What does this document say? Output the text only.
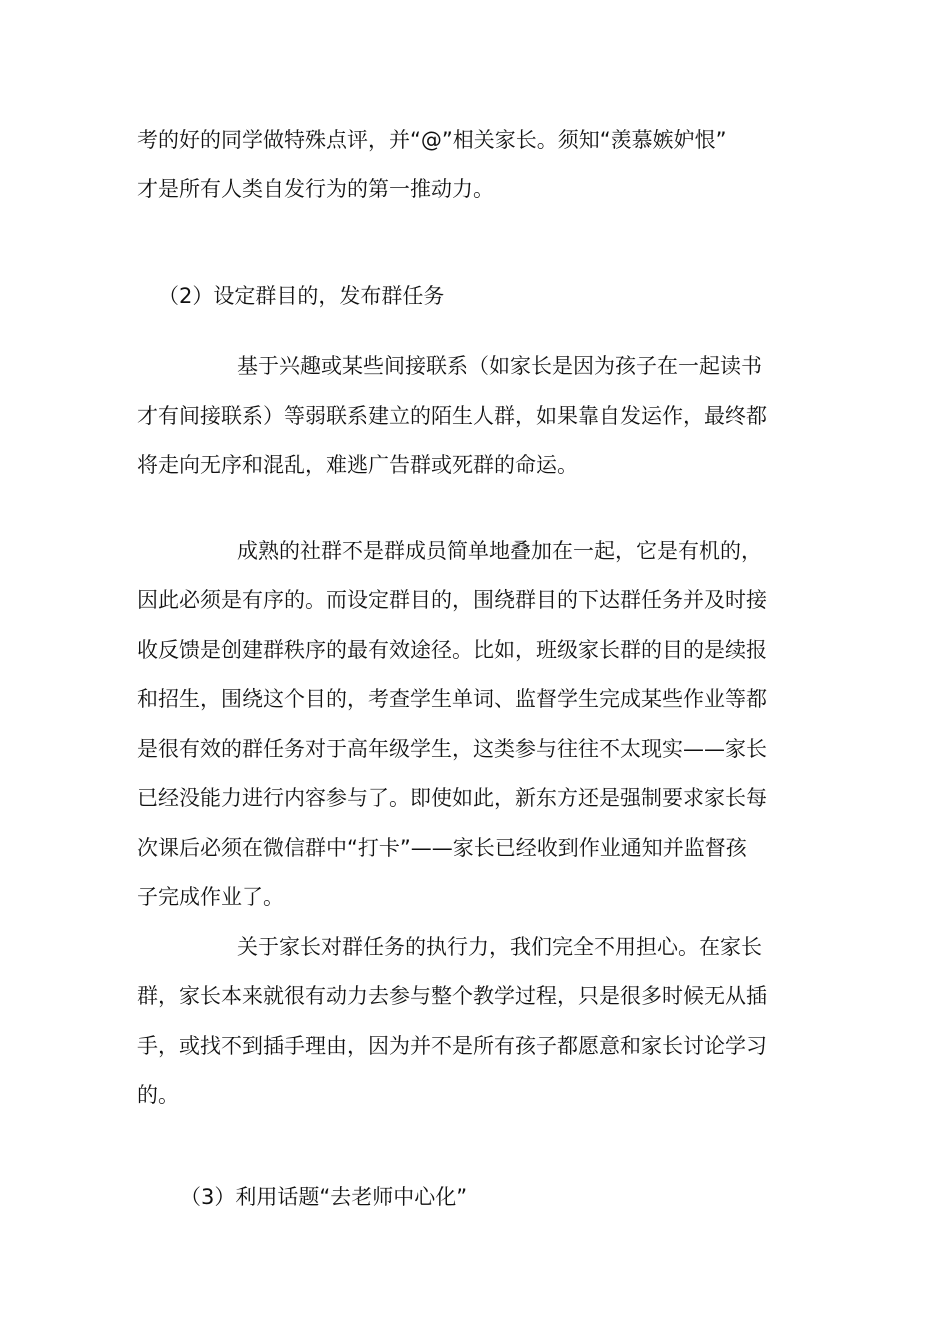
考的好的同学做特殊点评，并“@”相关家长。须知“羡慕嫉妒恨”
才是所有人类自发行为的第一推动力。
（2）设定群目的，发布群任务
基于兴趣或某些间接联系（如家长是因为孩子在一起读书
才有间接联系）等弱联系建立的陌生人群，如果靠自发运作，最终都
将走向无序和混乱，难逃广告群或死群的命运。
成熟的社群不是群成员简单地叠加在一起，它是有机的，
因此必须是有序的。而设定群目的，围绕群目的下达群任务并及时接
收反馈是创建群秩序的最有效途径。比如，班级家长群的目的是续报
和招生，围绕这个目的，考查学生单词、监督学生完成某些作业等都
是很有效的群任务对于高年级学生，这类参与往往不太现实——家长
已经没能力进行内容参与了。即使如此，新东方还是强制要求家长每
次课后必须在微信群中“打卡”——家长已经收到作业通知并监督孩
子完成作业了。
关于家长对群任务的执行力，我们完全不用担心。在家长
群，家长本来就很有动力去参与整个教学过程，只是很多时候无从插
手，或找不到插手理由，因为并不是所有孩子都愿意和家长讨论学习
的。
（3）利用话题“去老师中心化”
